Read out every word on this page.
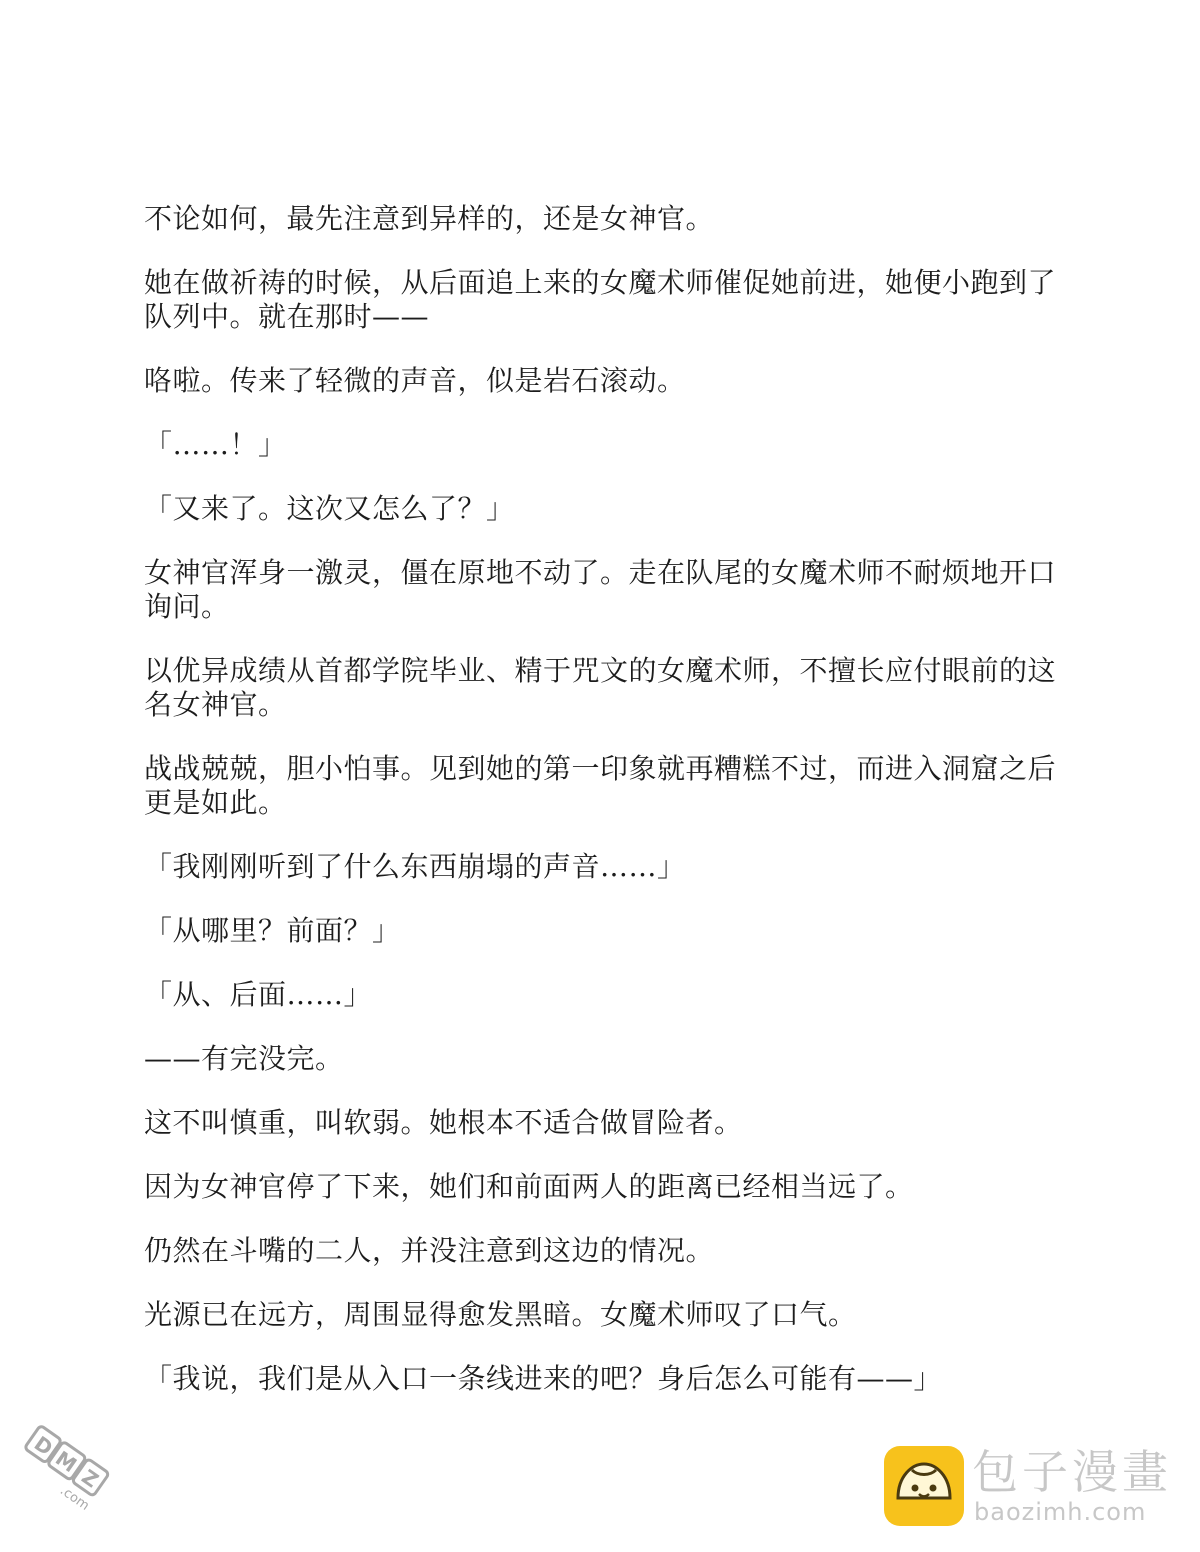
不论如何，最先注意到异样的，还是女神官。

她在做祈祷的时候，从后面追上来的女魔术师催促她前进，她便小跑到了队列中。就在那时——

咯啦。传来了轻微的声音，似是岩石滚动。

「……！」

「又来了。这次又怎么了？」

女神官浑身一激灵，僵在原地不动了。走在队尾的女魔术师不耐烦地开口询问。

以优异成绩从首都学院毕业、精于咒文的女魔术师，不擅长应付眼前的这名女神官。

战战兢兢，胆小怕事。见到她的第一印象就再糟糕不过，而进入洞窟之后更是如此。

「我刚刚听到了什么东西崩塌的声音……」

「从哪里？前面？」

「从、后面……」

——有完没完。

这不叫慎重，叫软弱。她根本不适合做冒险者。

因为女神官停了下来，她们和前面两人的距离已经相当远了。

仍然在斗嘴的二人，并没注意到这边的情况。

光源已在远方，周围显得愈发黑暗。女魔术师叹了口气。

「我说，我们是从入口一条线进来的吧？身后怎么可能有——」

D
M
Z
.com	包子漫畫
baozimh.com
